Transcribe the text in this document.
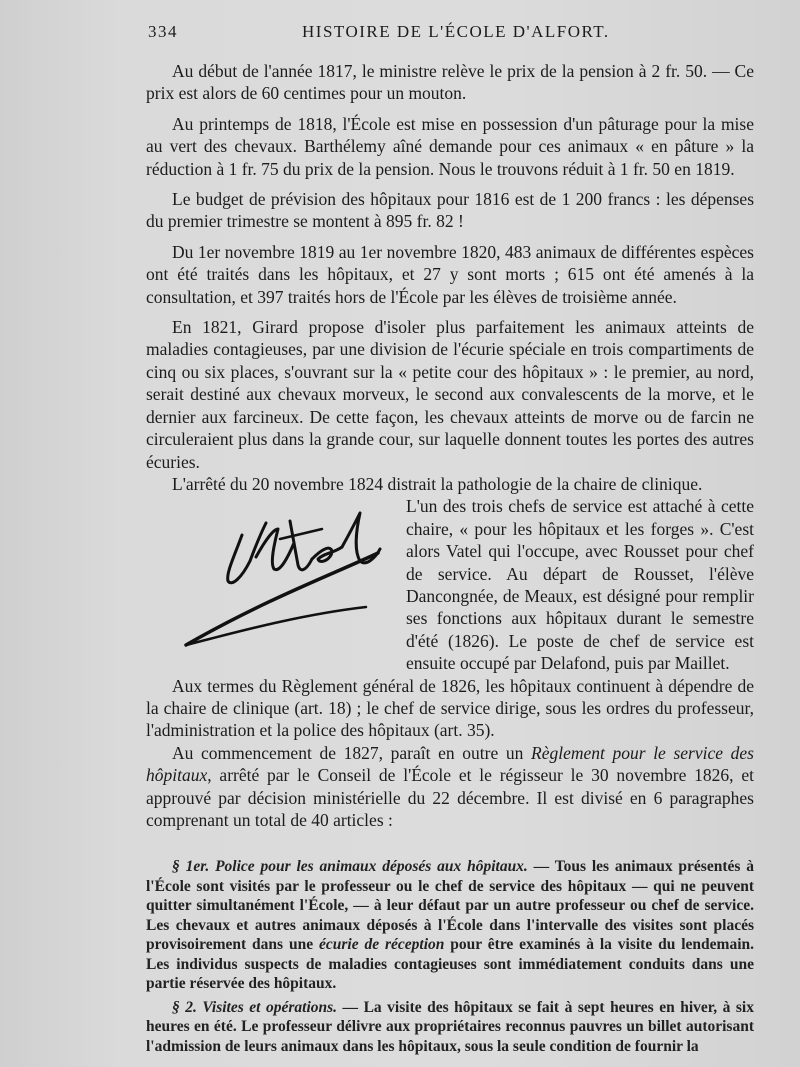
334	HISTOIRE DE L'ÉCOLE D'ALFORT.

Au début de l'année 1817, le ministre relève le prix de la pension à 2 fr. 50. — Ce prix est alors de 60 centimes pour un mouton.

Au printemps de 1818, l'École est mise en possession d'un pâturage pour la mise au vert des chevaux. Barthélemy aîné demande pour ces animaux « en pâture » la réduction à 1 fr. 75 du prix de la pension. Nous le trouvons réduit à 1 fr. 50 en 1819.

Le budget de prévision des hôpitaux pour 1816 est de 1 200 francs : les dépenses du premier trimestre se montent à 895 fr. 82 !

Du 1er novembre 1819 au 1er novembre 1820, 483 animaux de différentes espèces ont été traités dans les hôpitaux, et 27 y sont morts ; 615 ont été amenés à la consultation, et 397 traités hors de l'École par les élèves de troisième année.

En 1821, Girard propose d'isoler plus parfaitement les animaux atteints de maladies contagieuses, par une division de l'écurie spéciale en trois compartiments de cinq ou six places, s'ouvrant sur la « petite cour des hôpitaux » : le premier, au nord, serait destiné aux chevaux morveux, le second aux convalescents de la morve, et le dernier aux farcineux. De cette façon, les chevaux atteints de morve ou de farcin ne circuleraient plus dans la grande cour, sur laquelle donnent toutes les portes des autres écuries.

L'arrêté du 20 novembre 1824 distrait la pathologie de la chaire de clinique.

L'un des trois chefs de service est attaché à cette chaire, « pour les hôpitaux et les forges ». C'est alors Vatel qui l'occupe, avec Rousset pour chef de service. Au départ de Rousset, l'élève Dancongnée, de Meaux, est désigné pour remplir ses fonctions aux hôpitaux durant le semestre d'été (1826). Le poste de chef de service est ensuite occupé par Delafond, puis par Maillet.

Aux termes du Règlement général de 1826, les hôpitaux continuent à dépendre de la chaire de clinique (art. 18) ; le chef de service dirige, sous les ordres du professeur, l'administration et la police des hôpitaux (art. 35).

Au commencement de 1827, paraît en outre un Règlement pour le service des hôpitaux, arrêté par le Conseil de l'École et le régisseur le 30 novembre 1826, et approuvé par décision ministérielle du 22 décembre. Il est divisé en 6 paragraphes comprenant un total de 40 articles :

§ 1er. Police pour les animaux déposés aux hôpitaux. — Tous les animaux présentés à l'École sont visités par le professeur ou le chef de service des hôpitaux — qui ne peuvent quitter simultanément l'École, — à leur défaut par un autre professeur ou chef de service. Les chevaux et autres animaux déposés à l'École dans l'intervalle des visites sont placés provisoirement dans une écurie de réception pour être examinés à la visite du lendemain. Les individus suspects de maladies contagieuses sont immédiatement conduits dans une partie réservée des hôpitaux.

§ 2. Visites et opérations. — La visite des hôpitaux se fait à sept heures en hiver, à six heures en été. Le professeur délivre aux propriétaires reconnus pauvres un billet autorisant l'admission de leurs animaux dans les hôpitaux, sous la seule condition de fournir la
